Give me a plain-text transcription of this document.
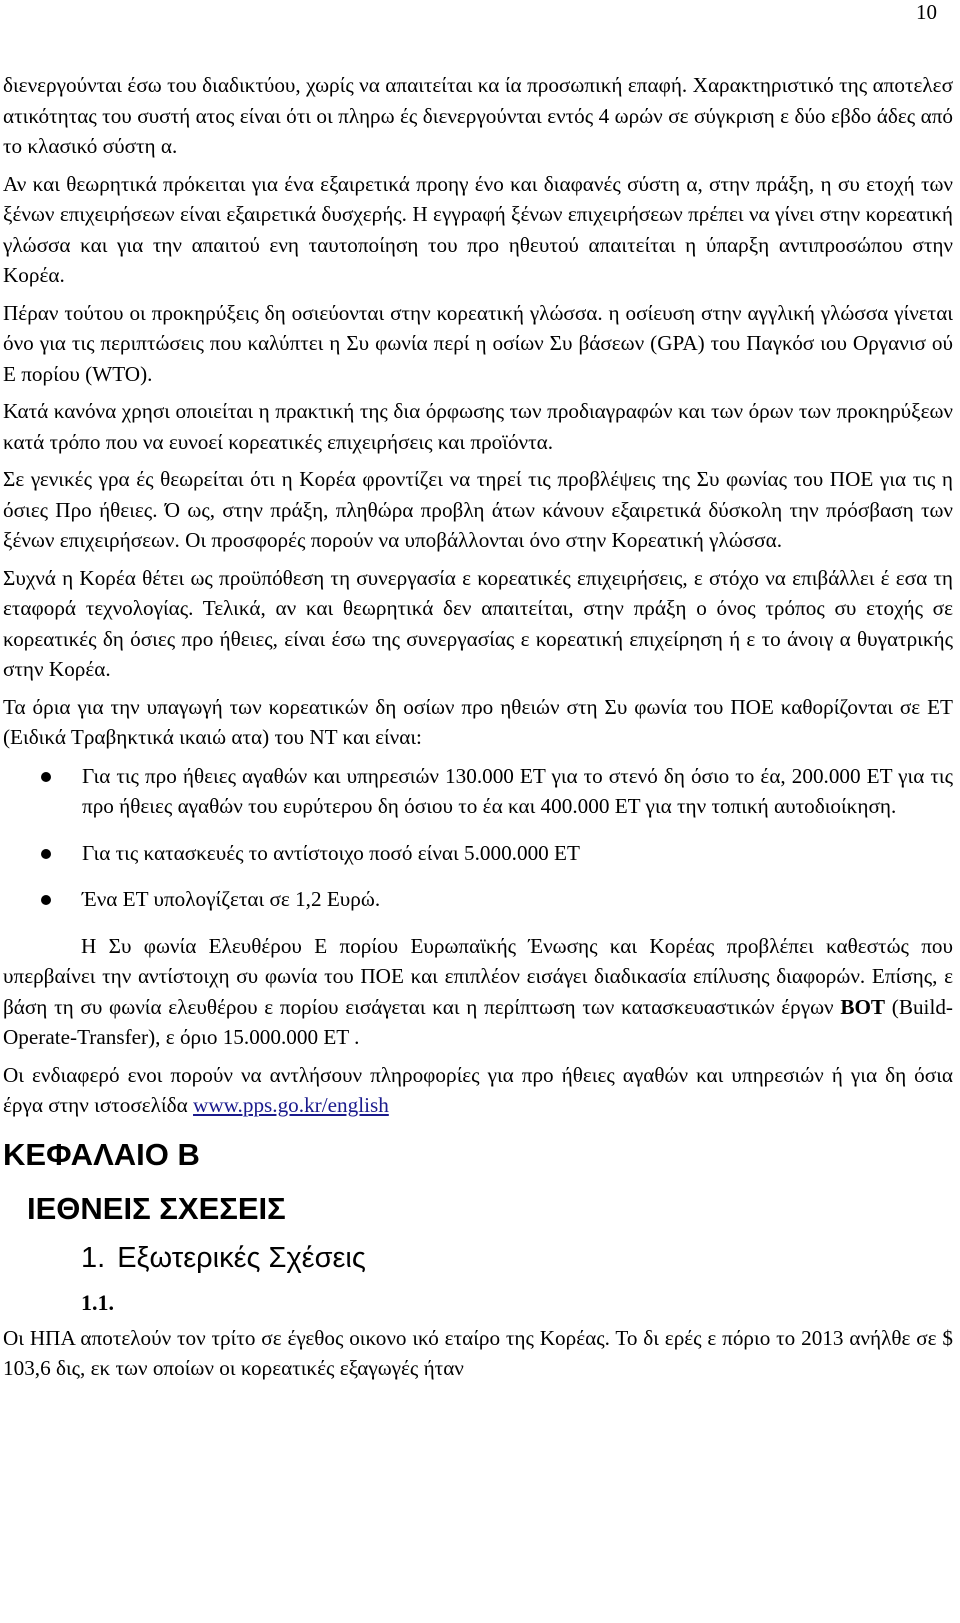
10

διενεργούνται έσω του διαδικτύου, χωρίς να απαιτείται κα ία προσωπική επαφή. Χαρακτηριστικό της αποτελεσ ατικότητας του συστή ατος είναι ότι οι πληρω ές διενεργούνται εντός 4 ωρών σε σύγκριση ε δύο εβδο άδες από το κλασικό σύστη α.

Αν και θεωρητικά πρόκειται για ένα εξαιρετικά προηγ ένο και διαφανές σύστη α, στην πράξη, η συ ετοχή των ξένων επιχειρήσεων είναι εξαιρετικά δυσχερής. Η εγγραφή ξένων επιχειρήσεων πρέπει να γίνει στην κορεατική γλώσσα και για την απαιτού ενη ταυτοποίηση του προ ηθευτού απαιτείται η ύπαρξη αντιπροσώπου στην Κορέα.

Πέραν τούτου οι προκηρύξεις δη οσιεύονται στην κορεατική γλώσσα. η οσίευση στην αγγλική γλώσσα γίνεται όνο για τις περιπτώσεις που καλύπτει η Συ φωνία περί η οσίων Συ βάσεων (GPA) του Παγκόσ ιου Οργανισ ού Ε πορίου (WTO).

Κατά κανόνα χρησι οποιείται η πρακτική της δια όρφωσης των προδιαγραφών και των όρων των προκηρύξεων κατά τρόπο που να ευνοεί κορεατικές επιχειρήσεις και προϊόντα.

Σε γενικές γρα ές θεωρείται ότι η Κορέα φροντίζει να τηρεί τις προβλέψεις της Συ φωνίας του ΠΟΕ για τις η όσιες Προ ήθειες. Ό ως, στην πράξη, πληθώρα προβλη άτων κάνουν εξαιρετικά δύσκολη την πρόσβαση των ξένων επιχειρήσεων. Οι προσφορές πορούν να υποβάλλονται όνο στην Κορεατική γλώσσα.

Συχνά η Κορέα θέτει ως προϋπόθεση τη συνεργασία ε κορεατικές επιχειρήσεις, ε στόχο να επιβάλλει έ εσα τη εταφορά τεχνολογίας. Τελικά, αν και θεωρητικά δεν απαιτείται, στην πράξη ο όνος τρόπος συ ετοχής σε κορεατικές δη όσιες προ ήθειες, είναι έσω της συνεργασίας ε κορεατική επιχείρηση ή ε το άνοιγ α θυγατρικής στην Κορέα.

Τα όρια για την υπαγωγή των κορεατικών δη οσίων προ ηθειών στη Συ φωνία του ΠΟΕ καθορίζονται σε ΕΤ (Ειδικά Τραβηκτικά ικαιώ ατα) του ΝΤ και είναι:

Για τις προ ήθειες αγαθών και υπηρεσιών 130.000 ΕΤ για το στενό δη όσιο το έα, 200.000 ΕΤ για τις προ ήθειες αγαθών του ευρύτερου δη όσιου το έα και 400.000 ΕΤ για την τοπική αυτοδιοίκηση.
Για τις κατασκευές το αντίστοιχο ποσό είναι 5.000.000 ΕΤ
Ένα ΕΤ υπολογίζεται σε 1,2 Ευρώ.

Η Συ φωνία Ελευθέρου Ε πορίου Ευρωπαϊκής Ένωσης και Κορέας προβλέπει καθεστώς που υπερβαίνει την αντίστοιχη συ φωνία του ΠΟΕ και επιπλέον εισάγει διαδικασία επίλυσης διαφορών. Επίσης, ε βάση τη συ φωνία ελευθέρου ε πορίου εισάγεται και η περίπτωση των κατασκευαστικών έργων BOT (Build-Operate-Transfer), ε όριο 15.000.000 ΕΤ .

Οι ενδιαφερό ενοι πορούν να αντλήσουν πληροφορίες για προ ήθειες αγαθών και υπηρεσιών ή για δη όσια έργα στην ιστοσελίδα www.pps.go.kr/english

ΚΕΦΑΛΑΙΟ Β
ΙΕΘΝΕΙΣ ΣΧΕΣΕΙΣ
1. Εξωτερικές Σχέσεις
1.1.

Οι ΗΠΑ αποτελούν τον τρίτο σε έγεθος οικονο ικό εταίρο της Κορέας. Το δι ερές ε πόριο το 2013 ανήλθε σε $ 103,6 δις, εκ των οποίων οι κορεατικές εξαγωγές ήταν
